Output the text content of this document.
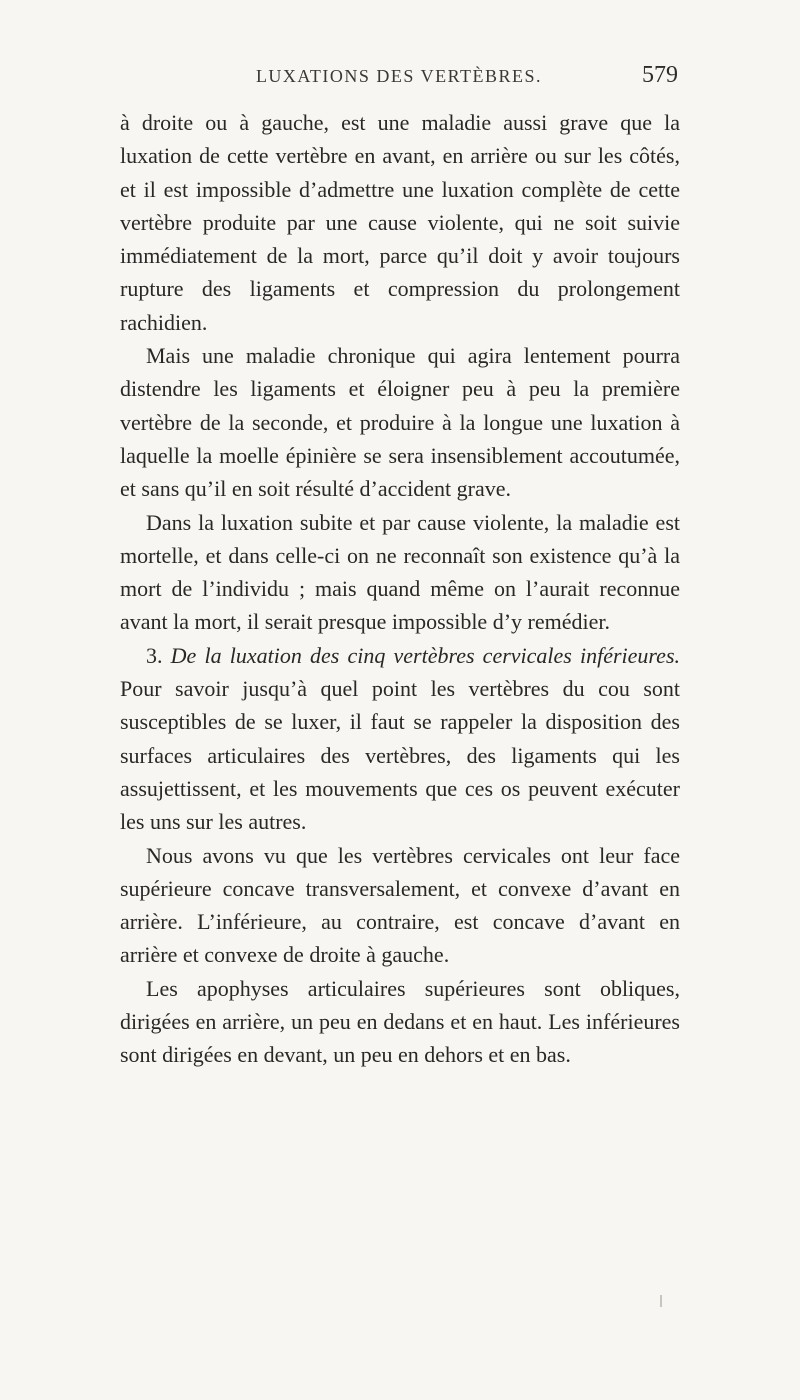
LUXATIONS DES VERTÈBRES.	579

à droite ou à gauche, est une maladie aussi grave que la luxation de cette vertèbre en avant, en arrière ou sur les côtés, et il est impossible d’admettre une luxation complète de cette vertèbre produite par une cause violente, qui ne soit suivie immédiatement de la mort, parce qu’il doit y avoir toujours rupture des ligaments et compression du prolongement rachidien.

Mais une maladie chronique qui agira lentement pourra distendre les ligaments et éloigner peu à peu la première vertèbre de la seconde, et produire à la longue une luxation à laquelle la moelle épinière se sera insensiblement accoutumée, et sans qu’il en soit résulté d’accident grave.

Dans la luxation subite et par cause violente, la maladie est mortelle, et dans celle-ci on ne reconnaît son existence qu’à la mort de l’individu ; mais quand même on l’aurait reconnue avant la mort, il serait presque impossible d’y remédier.

3. De la luxation des cinq vertèbres cervicales inférieures. Pour savoir jusqu’à quel point les vertèbres du cou sont susceptibles de se luxer, il faut se rappeler la disposition des surfaces articulaires des vertèbres, des ligaments qui les assujettissent, et les mouvements que ces os peuvent exécuter les uns sur les autres.

Nous avons vu que les vertèbres cervicales ont leur face supérieure concave transversalement, et convexe d’avant en arrière. L’inférieure, au contraire, est concave d’avant en arrière et convexe de droite à gauche.

Les apophyses articulaires supérieures sont obliques, dirigées en arrière, un peu en dedans et en haut. Les inférieures sont dirigées en devant, un peu en dehors et en bas.
